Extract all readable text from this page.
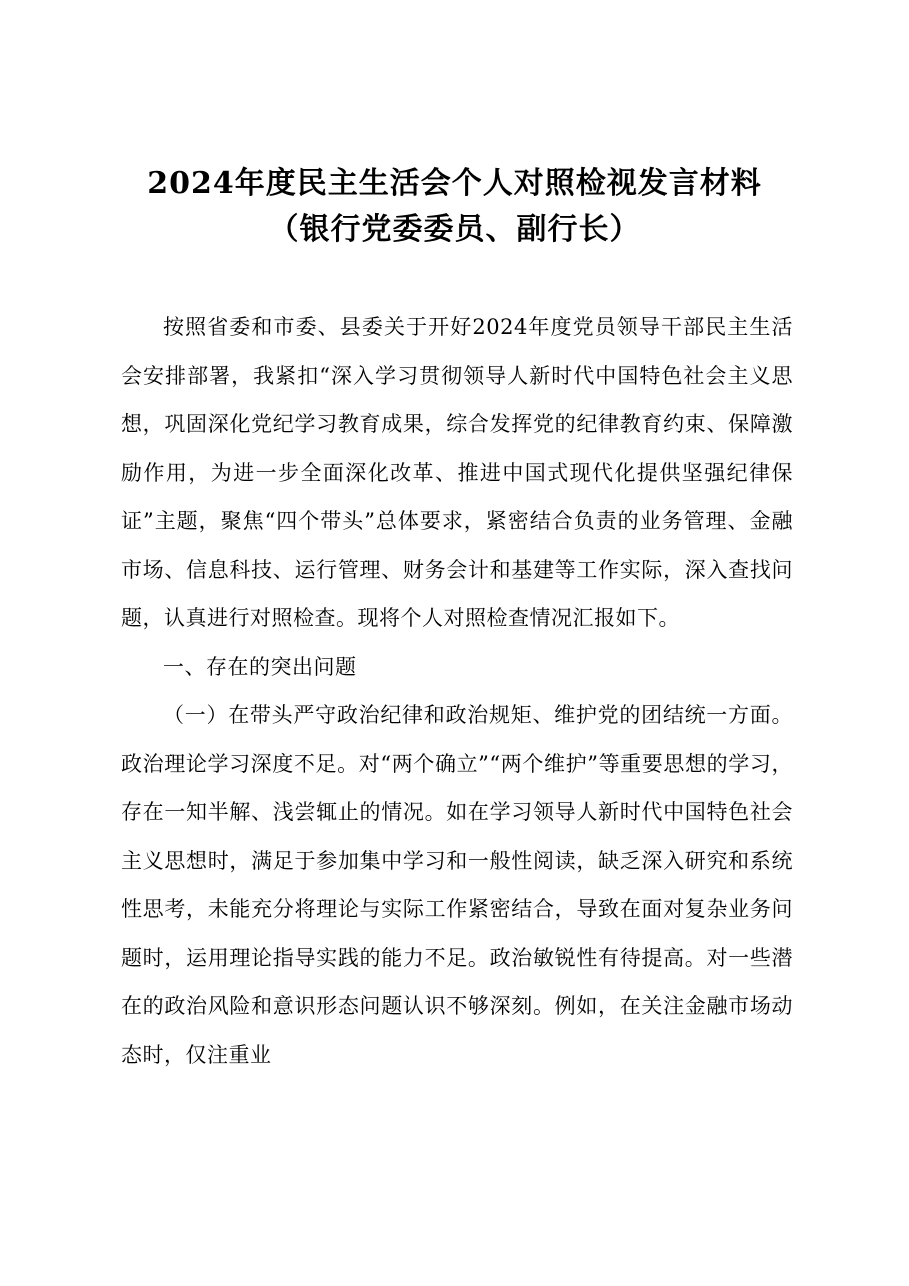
2024年度民主生活会个人对照检视发言材料
（银行党委委员、副行长）

按照省委和市委、县委关于开好2024年度党员领导干部民主生活会安排部署，我紧扣“深入学习贯彻领导人新时代中国特色社会主义思想，巩固深化党纪学习教育成果，综合发挥党的纪律教育约束、保障激励作用，为进一步全面深化改革、推进中国式现代化提供坚强纪律保证”主题，聚焦“四个带头”总体要求，紧密结合负责的业务管理、金融市场、信息科技、运行管理、财务会计和基建等工作实际，深入查找问题，认真进行对照检查。现将个人对照检查情况汇报如下。

一、存在的突出问题

（一）在带头严守政治纪律和政治规矩、维护党的团结统一方面。政治理论学习深度不足。对“两个确立”“两个维护”等重要思想的学习，存在一知半解、浅尝辄止的情况。如在学习领导人新时代中国特色社会主义思想时，满足于参加集中学习和一般性阅读，缺乏深入研究和系统性思考，未能充分将理论与实际工作紧密结合，导致在面对复杂业务问题时，运用理论指导实践的能力不足。政治敏锐性有待提高。对一些潜在的政治风险和意识形态问题认识不够深刻。例如，在关注金融市场动态时，仅注重业
